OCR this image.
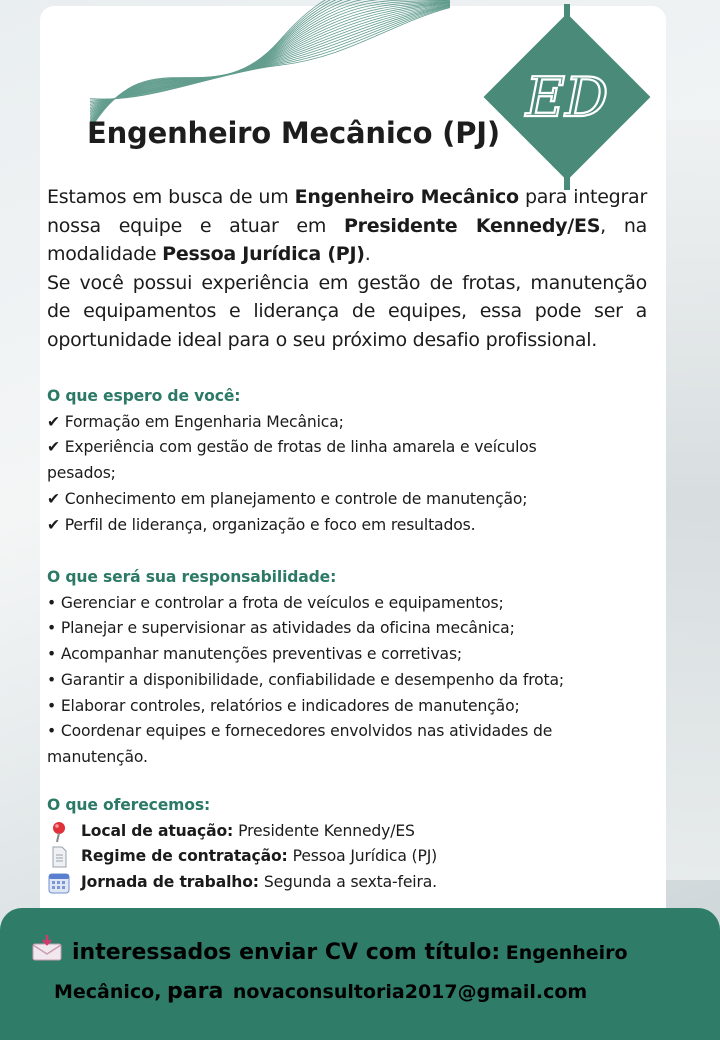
ED
Engenheiro Mecânico (PJ)

Estamos em busca de um Engenheiro Mecânico para integrar nossa equipe e atuar em Presidente Kennedy/ES, na modalidade Pessoa Jurídica (PJ).

Se você possui experiência em gestão de frotas, manutenção de equipamentos e liderança de equipes, essa pode ser a oportunidade ideal para o seu próximo desafio profissional.

O que espero de você:
✔ Formação em Engenharia Mecânica;
✔ Experiência com gestão de frotas de linha amarela e veículos pesados;
✔ Conhecimento em planejamento e controle de manutenção;
✔ Perfil de liderança, organização e foco em resultados.
O que será sua responsabilidade:
• Gerenciar e controlar a frota de veículos e equipamentos;
• Planejar e supervisionar as atividades da oficina mecânica;
• Acompanhar manutenções preventivas e corretivas;
• Garantir a disponibilidade, confiabilidade e desempenho da frota;
• Elaborar controles, relatórios e indicadores de manutenção;
• Coordenar equipes e fornecedores envolvidos nas atividades de manutenção.
O que oferecemos:
Local de atuação: Presidente Kennedy/ES
Regime de contratação: Pessoa Jurídica (PJ)
Jornada de trabalho: Segunda a sexta-feira.
interessados enviar CV com título: Engenheiro
Mecânico, para novaconsultoria2017@gmail.com
